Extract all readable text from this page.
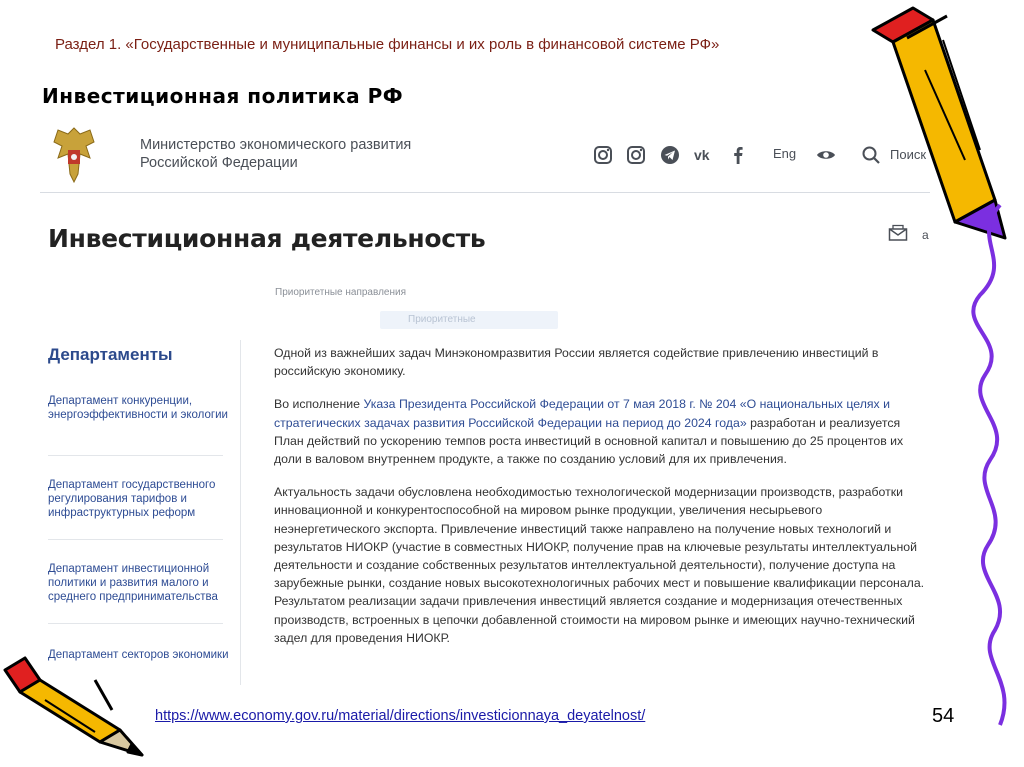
Раздел 1. «Государственные и муниципальные финансы и их роль в финансовой системе РФ»
Инвестиционная политика РФ
Министерство экономического развития
Российской Федерации	vk	Eng	Поиск
Инвестиционная деятельность	a
Приоритетные направления
Приоритетные
Департаменты
Департамент конкуренции, энергоэффективности и экологии
Департамент государственного регулирования тарифов и инфраструктурных реформ
Департамент инвестиционной политики и развития малого и среднего предпринимательства
Департамент секторов экономики

Одной из важнейших задач Минэкономразвития России является содействие привлечению инвестиций в российскую экономику.

Во исполнение Указа Президента Российской Федерации от 7 мая 2018 г. № 204 «О национальных целях и стратегических задачах развития Российской Федерации на период до 2024 года» разработан и реализуется План действий по ускорению темпов роста инвестиций в основной капитал и повышению до 25 процентов их доли в валовом внутреннем продукте, а также по созданию условий для их привлечения.

Актуальность задачи обусловлена необходимостью технологической модернизации производств, разработки инновационной и конкурентоспособной на мировом рынке продукции, увеличения несырьевого неэнергетического экспорта. Привлечение инвестиций также направлено на получение новых технологий и результатов НИОКР (участие в совместных НИОКР, получение прав на ключевые результаты интеллектуальной деятельности и создание собственных результатов интеллектуальной деятельности), получение доступа на зарубежные рынки, создание новых высокотехнологичных рабочих мест и повышение квалификации персонала. Результатом реализации задачи привлечения инвестиций является создание и модернизация отечественных производств, встроенных в цепочки добавленной стоимости на мировом рынке и имеющих научно-технический задел для проведения НИОКР.

https://www.economy.gov.ru/material/directions/investicionnaya_deyatelnost/	54
